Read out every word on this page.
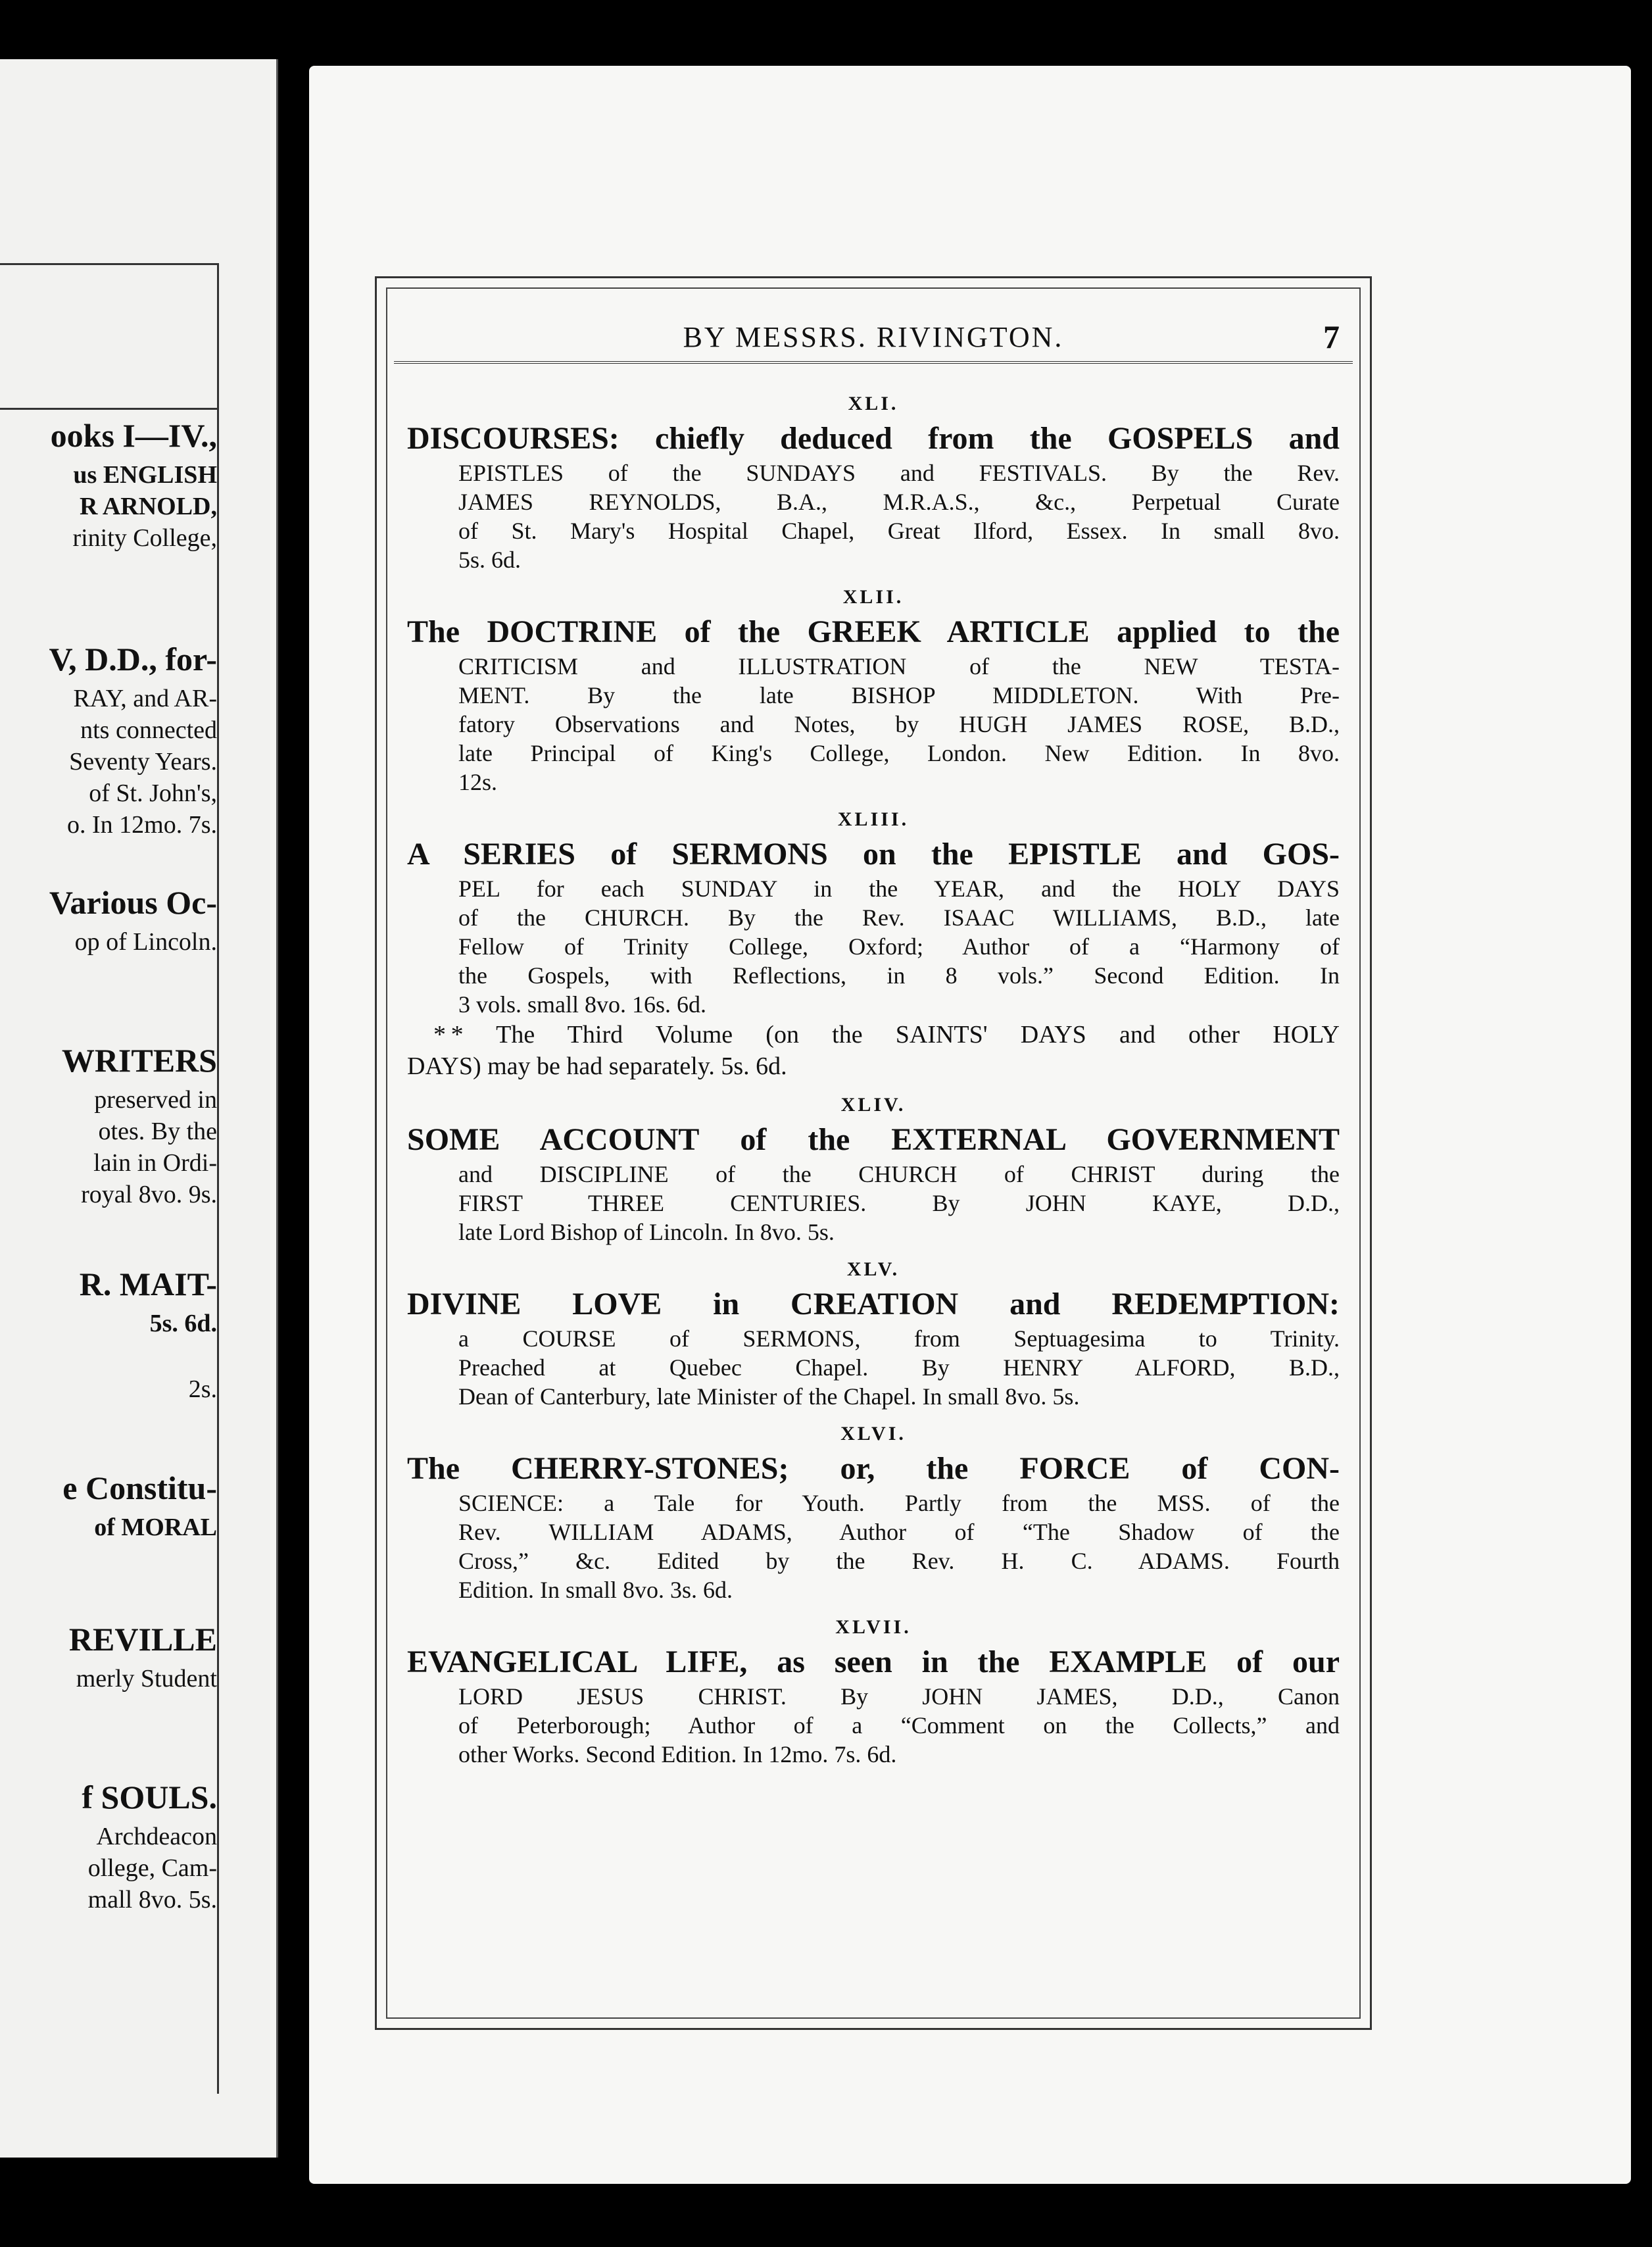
ooks I—IV.,
us ENGLISH
R ARNOLD,
rinity College,
V, D.D., for-
RAY, and AR-
nts connected
Seventy Years.
of St. John's,
o. In 12mo. 7s.
Various Oc-
op of Lincoln.
WRITERS
preserved in
otes. By the
lain in Ordi-
royal 8vo. 9s.
R. MAIT-
5s. 6d.
2s.
e Constitu-
of MORAL
REVILLE
merly Student
f SOULS.
Archdeacon
ollege, Cam-
mall 8vo. 5s.
BY MESSRS. RIVINGTON.	7
XLI.
DISCOURSES: chiefly deduced from the GOSPELS and
EPISTLES of the SUNDAYS and FESTIVALS. By the Rev.
JAMES REYNOLDS, B.A., M.R.A.S., &c., Perpetual Curate
of St. Mary's Hospital Chapel, Great Ilford, Essex. In small 8vo.
5s. 6d.
XLII.
The DOCTRINE of the GREEK ARTICLE applied to the
CRITICISM and ILLUSTRATION of the NEW TESTA-
MENT. By the late BISHOP MIDDLETON. With Pre-
fatory Observations and Notes, by HUGH JAMES ROSE, B.D.,
late Principal of King's College, London. New Edition. In 8vo.
12s.
XLIII.
A SERIES of SERMONS on the EPISTLE and GOS-
PEL for each SUNDAY in the YEAR, and the HOLY DAYS
of the CHURCH. By the Rev. ISAAC WILLIAMS, B.D., late
Fellow of Trinity College, Oxford; Author of a “Harmony of
the Gospels, with Reflections, in 8 vols.” Second Edition. In
3 vols. small 8vo. 16s. 6d.
* * The Third Volume (on the SAINTS' DAYS and other HOLY
DAYS) may be had separately. 5s. 6d.
XLIV.
SOME ACCOUNT of the EXTERNAL GOVERNMENT
and DISCIPLINE of the CHURCH of CHRIST during the
FIRST THREE CENTURIES. By JOHN KAYE, D.D.,
late Lord Bishop of Lincoln. In 8vo. 5s.
XLV.
DIVINE LOVE in CREATION and REDEMPTION:
a COURSE of SERMONS, from Septuagesima to Trinity.
Preached at Quebec Chapel. By HENRY ALFORD, B.D.,
Dean of Canterbury, late Minister of the Chapel. In small 8vo. 5s.
XLVI.
The CHERRY-STONES; or, the FORCE of CON-
SCIENCE: a Tale for Youth. Partly from the MSS. of the
Rev. WILLIAM ADAMS, Author of “The Shadow of the
Cross,” &c. Edited by the Rev. H. C. ADAMS. Fourth
Edition. In small 8vo. 3s. 6d.
XLVII.
EVANGELICAL LIFE, as seen in the EXAMPLE of our
LORD JESUS CHRIST. By JOHN JAMES, D.D., Canon
of Peterborough; Author of a “Comment on the Collects,” and
other Works. Second Edition. In 12mo. 7s. 6d.
